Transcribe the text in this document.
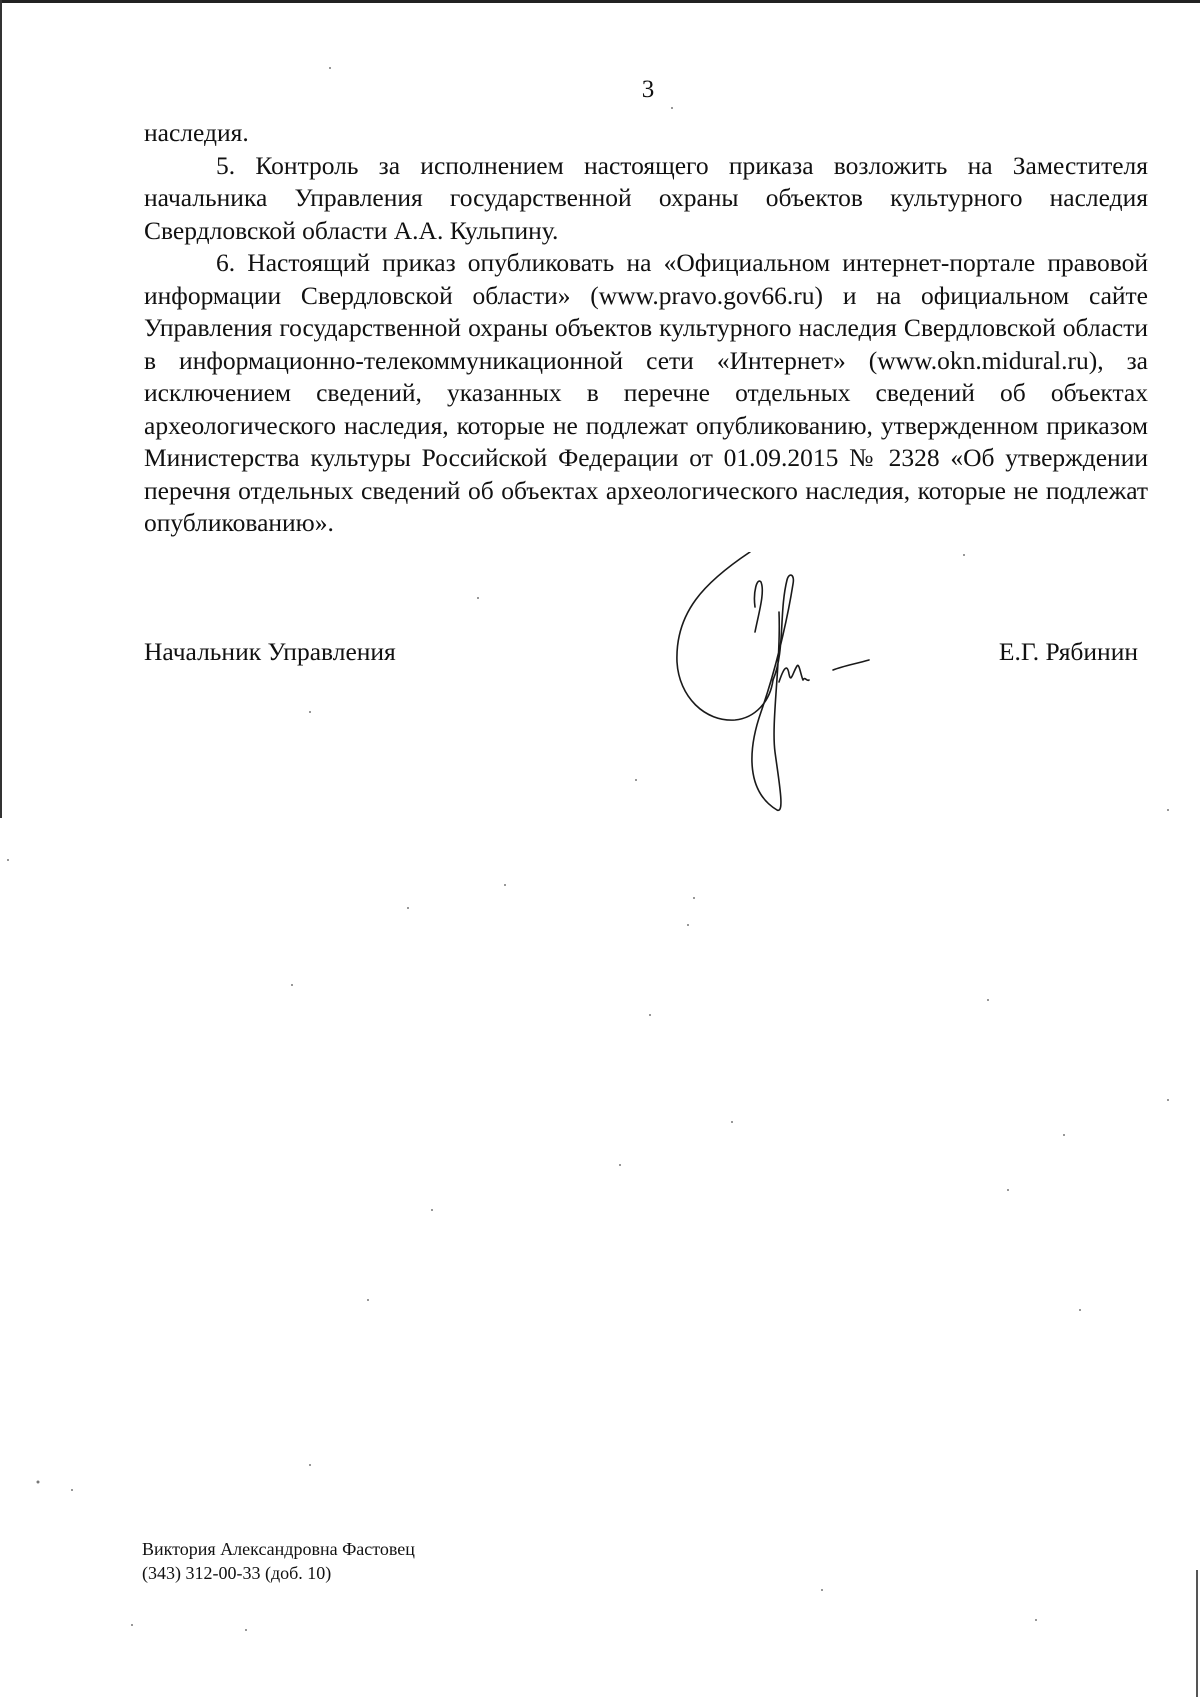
3

наследия.

5. Контроль за исполнением настоящего приказа возложить на Заместителя начальника Управления государственной охраны объектов культурного наследия Свердловской области А.А. Кульпину.

6. Настоящий приказ опубликовать на «Официальном интернет-портале правовой информации Свердловской области» (www.pravo.gov66.ru) и на официальном сайте Управления государственной охраны объектов культурного наследия Свердловской области в информационно-телекоммуникационной сети «Интернет» (www.okn.midural.ru), за исключением сведений, указанных в перечне отдельных сведений об объектах археологического наследия, которые не подлежат опубликованию, утвержденном приказом Министерства культуры Российской Федерации от 01.09.2015 № 2328 «Об утверждении перечня отдельных сведений об объектах археологического наследия, которые не подлежат опубликованию».

Начальник Управления	Е.Г. Рябинин
Виктория Александровна Фастовец
(343) 312-00-33 (доб. 10)
